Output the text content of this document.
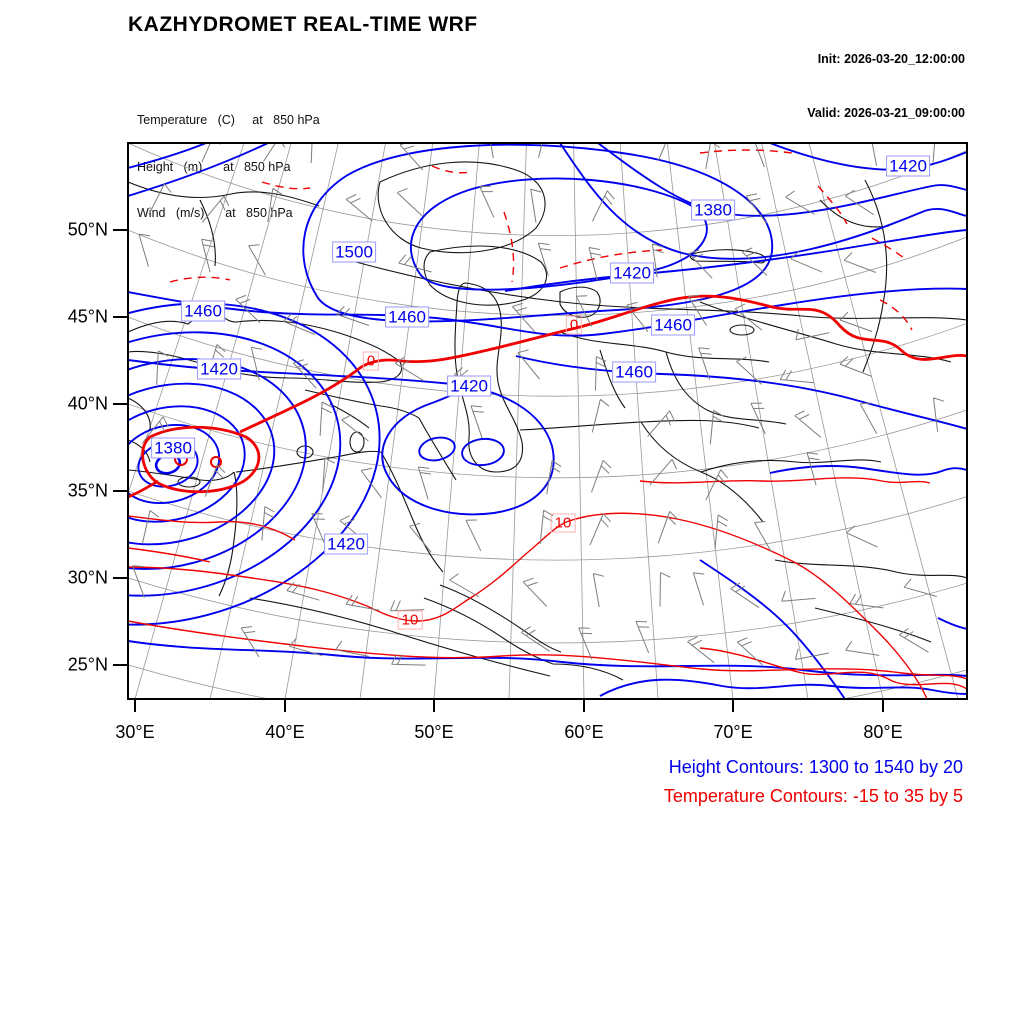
KAZHYDROMET REAL-TIME WRF

Init: 2026-03-20_12:00:00

Valid: 2026-03-21_09:00:00

Temperature   (C)     at   850 hPa

Height   (m)      at   850 hPa

Wind   (m/s)      at   850 hPa

Height Contours: 1300 to 1540 by 20
Temperature Contours: -15 to 35 by 5
30°E	40°E	50°E	60°E	70°E	80°E
50°N
45°N
40°N
35°N
30°N
25°N
1500
1460	1460
1420
1420
1420
1380
1420
1460
1460
1380
1420
0
0
10
10
